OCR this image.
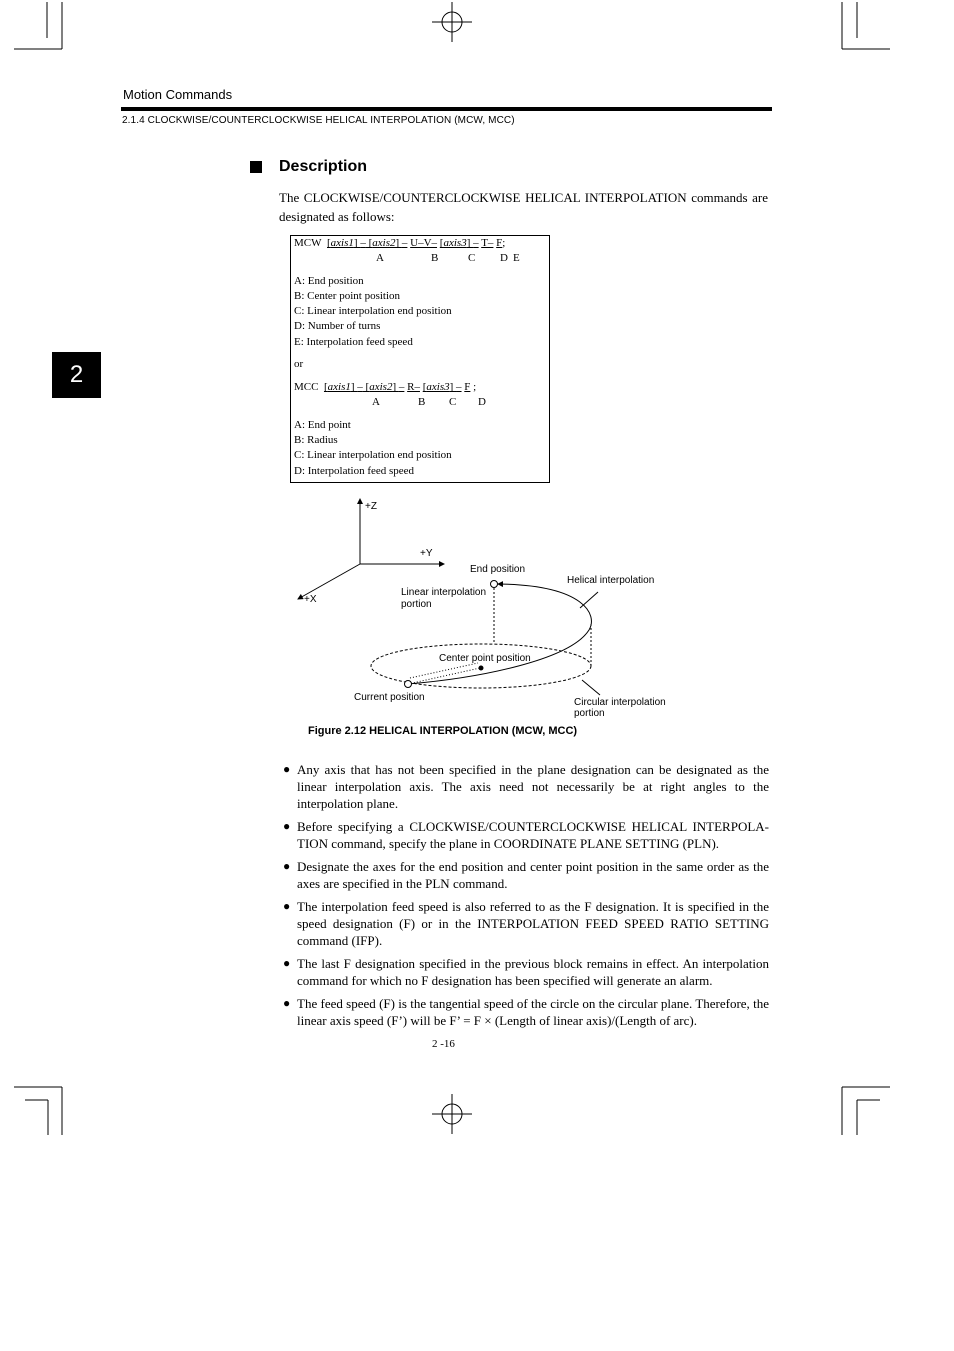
Motion Commands
2.1.4 CLOCKWISE/COUNTERCLOCKWISE HELICAL INTERPOLATION (MCW, MCC)
2
Description
The CLOCKWISE/COUNTERCLOCKWISE HELICAL INTERPOLATION commands are designated as follows:
MCW [axis1] – [axis2] – U–V– [axis3] – T– F;
A	B	C D E
A: End position
B: Center point position
C: Linear interpolation end position
D: Number of turns
E: Interpolation feed speed
or
MCC [axis1] – [axis2] – R– [axis3] – F ;
A	B C D
A: End point
B: Radius
C: Linear interpolation end position
D: Interpolation feed speed
+Z
+Y
+X
End position
Helical interpolation
Linear interpolation
portion
Center point position
Current position	Circular interpolation
portion
Figure 2.12 HELICAL INTERPOLATION (MCW, MCC)
● Any axis that has not been specified in the plane designation can be designated as the linear interpolation axis. The axis need not necessarily be at right angles to the interpolation plane.
● Before specifying a CLOCKWISE/COUNTERCLOCKWISE HELICAL INTERPOLA-TION command, specify the plane in COORDINATE PLANE SETTING (PLN).
● Designate the axes for the end position and center point position in the same order as the axes are specified in the PLN command.
● The interpolation feed speed is also referred to as the F designation. It is specified in the speed designation (F) or in the INTERPOLATION FEED SPEED RATIO SETTING command (IFP).
● The last F designation specified in the previous block remains in effect. An interpolation command for which no F designation has been specified will generate an alarm.
● The feed speed (F) is the tangential speed of the circle on the circular plane. Therefore, the linear axis speed (F’) will be F’ = F × (Length of linear axis)/(Length of arc).
2 -16
